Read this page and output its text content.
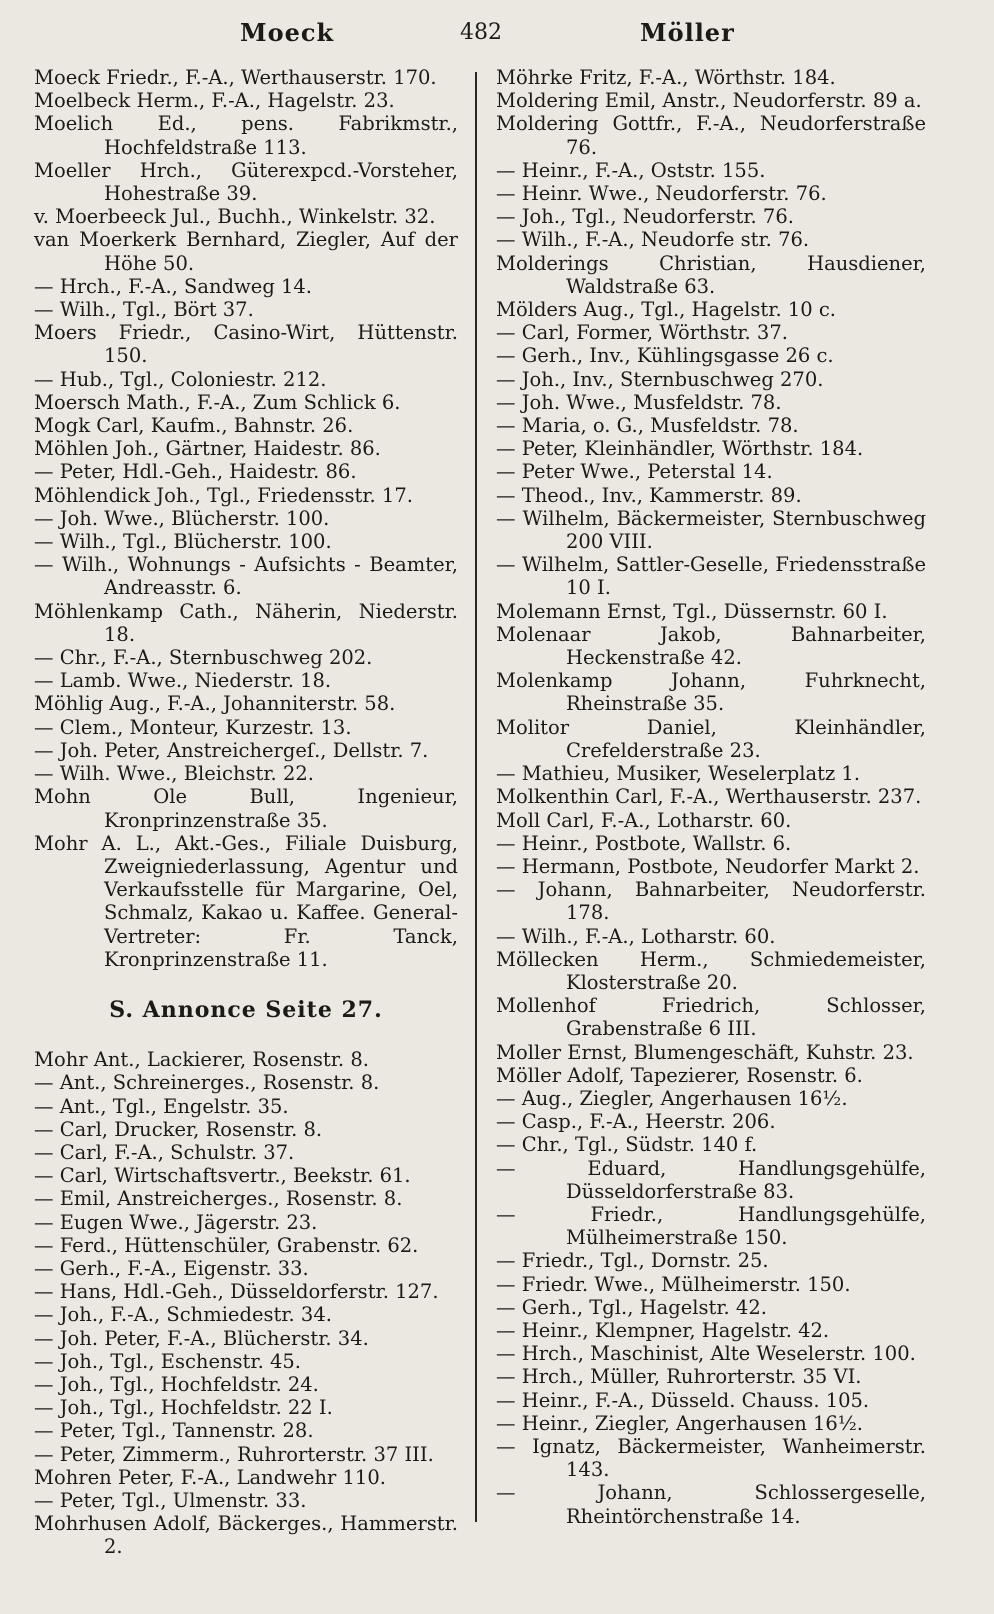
Moeck	482	Möller

Moeck Friedr., F.-A., Werthauserstr. 170.

Moelbeck Herm., F.-A., Hagelstr. 23.

Moelich Ed., pens. Fabrikmstr., Hochfeldstraße 113.

Moeller Hrch., Güterexpcd.-Vorsteher, Hohestraße 39.

v. Moerbeeck Jul., Buchh., Winkelstr. 32.

van Moerkerk Bernhard, Ziegler, Auf der Höhe 50.

— Hrch., F.-A., Sandweg 14.

— Wilh., Tgl., Bört 37.

Moers Friedr., Casino-Wirt, Hüttenstr. 150.

— Hub., Tgl., Coloniestr. 212.

Moersch Math., F.-A., Zum Schlick 6.

Mogk Carl, Kaufm., Bahnstr. 26.

Möhlen Joh., Gärtner, Haidestr. 86.

— Peter, Hdl.-Geh., Haidestr. 86.

Möhlendick Joh., Tgl., Friedensstr. 17.

— Joh. Wwe., Blücherstr. 100.

— Wilh., Tgl., Blücherstr. 100.

— Wilh., Wohnungs - Aufsichts - Beamter, Andreasstr. 6.

Möhlenkamp Cath., Näherin, Niederstr. 18.

— Chr., F.-A., Sternbuschweg 202.

— Lamb. Wwe., Niederstr. 18.

Möhlig Aug., F.-A., Johanniterstr. 58.

— Clem., Monteur, Kurzestr. 13.

— Joh. Peter, Anstreichergeſ., Dellstr. 7.

— Wilh. Wwe., Bleichstr. 22.

Mohn Ole Bull, Ingenieur, Kronprinzenstraße 35.

Mohr A. L., Akt.-Ges., Filiale Duisburg, Zweigniederlassung, Agentur und Verkaufsstelle für Margarine, Oel, Schmalz, Kakao u. Kaffee. General-Vertreter: Fr. Tanck, Kronprinzenstraße 11.

S. Annonce Seite 27.

Mohr Ant., Lackierer, Rosenstr. 8.

— Ant., Schreinerges., Rosenstr. 8.

— Ant., Tgl., Engelstr. 35.

— Carl, Drucker, Rosenstr. 8.

— Carl, F.-A., Schulstr. 37.

— Carl, Wirtschaftsvertr., Beekstr. 61.

— Emil, Anstreicherges., Rosenstr. 8.

— Eugen Wwe., Jägerstr. 23.

— Ferd., Hüttenschüler, Grabenstr. 62.

— Gerh., F.-A., Eigenstr. 33.

— Hans, Hdl.-Geh., Düsseldorferstr. 127.

— Joh., F.-A., Schmiedestr. 34.

— Joh. Peter, F.-A., Blücherstr. 34.

— Joh., Tgl., Eschenstr. 45.

— Joh., Tgl., Hochfeldstr. 24.

— Joh., Tgl., Hochfeldstr. 22 I.

— Peter, Tgl., Tannenstr. 28.

— Peter, Zimmerm., Ruhrorterstr. 37 III.

Mohren Peter, F.-A., Landwehr 110.

— Peter, Tgl., Ulmenstr. 33.

Mohrhusen Adolf, Bäckerges., Hammerstr. 2.

Möhrke Fritz, F.-A., Wörthstr. 184.

Moldering Emil, Anstr., Neudorferstr. 89 a.

Moldering Gottfr., F.-A., Neudorferstraße 76.

— Heinr., F.-A., Oststr. 155.

— Heinr. Wwe., Neudorferstr. 76.

— Joh., Tgl., Neudorferstr. 76.

— Wilh., F.-A., Neudorfe str. 76.

Molderings Christian, Hausdiener, Waldstraße 63.

Mölders Aug., Tgl., Hagelstr. 10 c.

— Carl, Former, Wörthstr. 37.

— Gerh., Inv., Kühlingsgasse 26 c.

— Joh., Inv., Sternbuschweg 270.

— Joh. Wwe., Musfeldstr. 78.

— Maria, o. G., Musfeldstr. 78.

— Peter, Kleinhändler, Wörthstr. 184.

— Peter Wwe., Peterstal 14.

— Theod., Inv., Kammerstr. 89.

— Wilhelm, Bäckermeister, Sternbuschweg 200 VIII.

— Wilhelm, Sattler-Geselle, Friedensstraße 10 I.

Molemann Ernst, Tgl., Düssernstr. 60 I.

Molenaar Jakob, Bahnarbeiter, Heckenstraße 42.

Molenkamp Johann, Fuhrknecht, Rheinstraße 35.

Molitor Daniel, Kleinhändler, Crefelderstraße 23.

— Mathieu, Musiker, Weselerplatz 1.

Molkenthin Carl, F.-A., Werthauserstr. 237.

Moll Carl, F.-A., Lotharstr. 60.

— Heinr., Postbote, Wallstr. 6.

— Hermann, Postbote, Neudorfer Markt 2.

— Johann, Bahnarbeiter, Neudorferstr. 178.

— Wilh., F.-A., Lotharstr. 60.

Möllecken Herm., Schmiedemeister, Klosterstraße 20.

Mollenhof Friedrich, Schlosser, Grabenstraße 6 III.

Moller Ernst, Blumengeschäft, Kuhstr. 23.

Möller Adolf, Tapezierer, Rosenstr. 6.

— Aug., Ziegler, Angerhausen 16½.

— Casp., F.-A., Heerstr. 206.

— Chr., Tgl., Südstr. 140 f.

— Eduard, Handlungsgehülfe, Düsseldorferstraße 83.

— Friedr., Handlungsgehülfe, Mülheimerstraße 150.

— Friedr., Tgl., Dornstr. 25.

— Friedr. Wwe., Mülheimerstr. 150.

— Gerh., Tgl., Hagelstr. 42.

— Heinr., Klempner, Hagelstr. 42.

— Hrch., Maschinist, Alte Weselerstr. 100.

— Hrch., Müller, Ruhrorterstr. 35 VI.

— Heinr., F.-A., Düsseld. Chauss. 105.

— Heinr., Ziegler, Angerhausen 16½.

— Ignatz, Bäckermeister, Wanheimerstr. 143.

— Johann, Schlossergeselle, Rheintörchenstraße 14.
